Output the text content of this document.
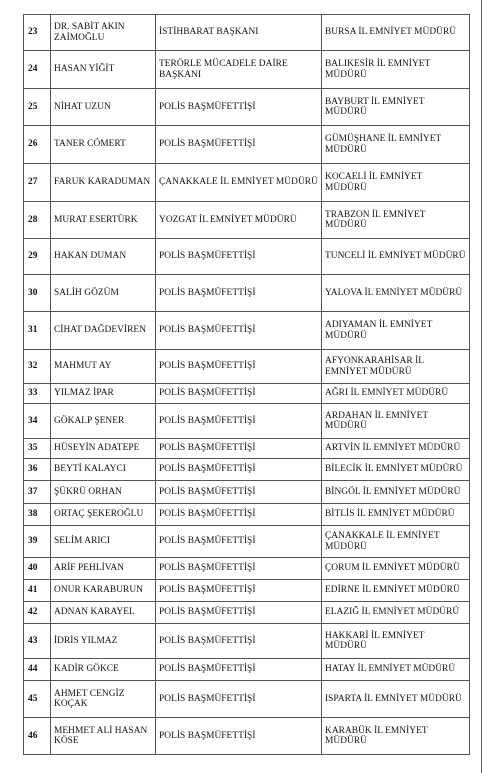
23	DR. SABİT AKIN ZAİMOĞLU	İSTİHBARAT BAŞKANI	BURSA İL EMNİYET MÜDÜRÜ
24	HASAN YİĞİT	TERÖRLE MÜCADELE DAİRE BAŞKANI	BALIKESİR İL EMNİYET MÜDÜRÜ
25	NİHAT UZUN	POLİS BAŞMÜFETTİŞİ	BAYBURT İL EMNİYET MÜDÜRÜ
26	TANER CÖMERT	POLİS BAŞMÜFETTİŞİ	GÜMÜŞHANE İL EMNİYET MÜDÜRÜ
27	FARUK KARADUMAN	ÇANAKKALE İL EMNİYET MÜDÜRÜ	KOCAELİ İL EMNİYET MÜDÜRÜ
28	MURAT ESERTÜRK	YOZGAT İL EMNİYET MÜDÜRÜ	TRABZON İL EMNİYET MÜDÜRÜ
29	HAKAN DUMAN	POLİS BAŞMÜFETTİŞİ	TUNCELİ İL EMNİYET MÜDÜRÜ
30	SALİH GÖZÜM	POLİS BAŞMÜFETTİŞİ	YALOVA İL EMNİYET MÜDÜRÜ
31	CİHAT DAĞDEVİREN	POLİS BAŞMÜFETTİŞİ	ADIYAMAN İL EMNİYET MÜDÜRÜ
32	MAHMUT AY	POLİS BAŞMÜFETTİŞİ	AFYONKARAHİSAR İL EMNİYET MÜDÜRÜ
33	YILMAZ İPAR	POLİS BAŞMÜFETTİŞİ	AĞRI İL EMNİYET MÜDÜRÜ
34	GÖKALP ŞENER	POLİS BAŞMÜFETTİŞİ	ARDAHAN İL EMNİYET MÜDÜRÜ
35	HÜSEYİN ADATEPE	POLİS BAŞMÜFETTİŞİ	ARTVİN İL EMNİYET MÜDÜRÜ
36	BEYTİ KALAYCI	POLİS BAŞMÜFETTİŞİ	BİLECİK İL EMNİYET MÜDÜRÜ
37	ŞÜKRÜ ORHAN	POLİS BAŞMÜFETTİŞİ	BİNGÖL İL EMNİYET MÜDÜRÜ
38	ORTAÇ ŞEKEROĞLU	POLİS BAŞMÜFETTİŞİ	BİTLİS İL EMNİYET MÜDÜRÜ
39	SELİM ARICI	POLİS BAŞMÜFETTİŞİ	ÇANAKKALE İL EMNİYET MÜDÜRÜ
40	ARİF PEHLİVAN	POLİS BAŞMÜFETTİŞİ	ÇORUM İL EMNİYET MÜDÜRÜ
41	ONUR KARABURUN	POLİS BAŞMÜFETTİŞİ	EDİRNE İL EMNİYET MÜDÜRÜ
42	ADNAN KARAYEL	POLİS BAŞMÜFETTİŞİ	ELAZIĞ İL EMNİYET MÜDÜRÜ
43	İDRİS YILMAZ	POLİS BAŞMÜFETTİŞİ	HAKKARİ İL EMNİYET MÜDÜRÜ
44	KADİR GÖKCE	POLİS BAŞMÜFETTİŞİ	HATAY İL EMNİYET MÜDÜRÜ
45	AHMET CENGİZ KOÇAK	POLİS BAŞMÜFETTİŞİ	ISPARTA İL EMNİYET MÜDÜRÜ
46	MEHMET ALİ HASAN KÖSE	POLİS BAŞMÜFETTİŞİ	KARABÜK İL EMNİYET MÜDÜRÜ
